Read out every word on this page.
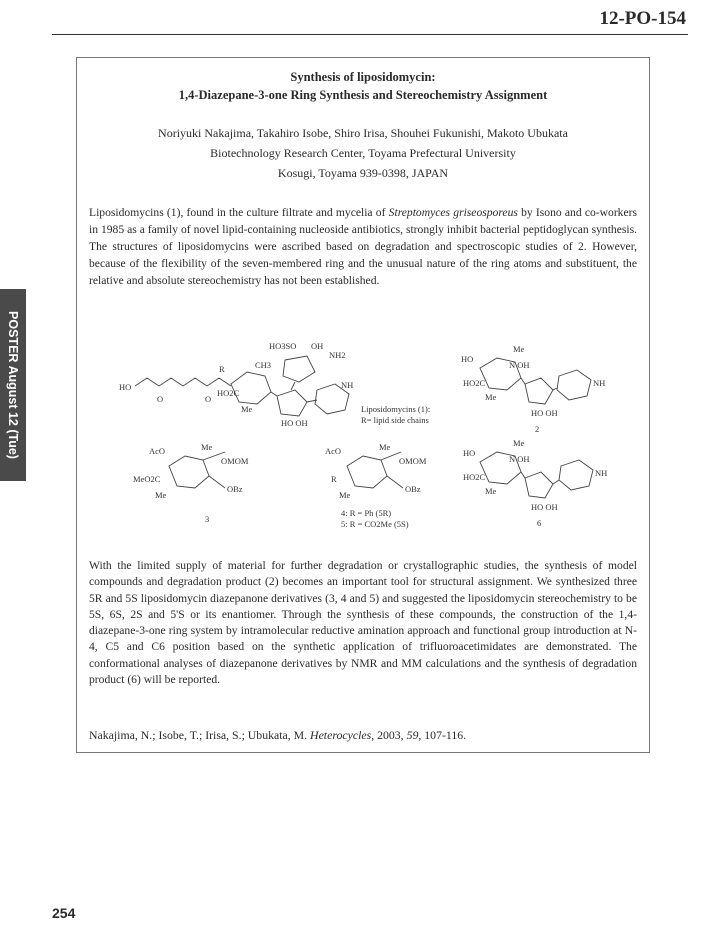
12-PO-154
POSTER August 12 (Tue)
Synthesis of liposidomycin:
1,4-Diazepane-3-one Ring Synthesis and Stereochemistry Assignment
Noriyuki Nakajima, Takahiro Isobe, Shiro Irisa, Shouhei Fukunishi, Makoto Ubukata
Biotechnology Research Center, Toyama Prefectural University
Kosugi, Toyama 939-0398, JAPAN
Liposidomycins (1), found in the culture filtrate and mycelia of Streptomyces griseosporeus by Isono and co-workers in 1985 as a family of novel lipid-containing nucleoside antibiotics, strongly inhibit bacterial peptidoglycan synthesis. The structures of liposidomycins were ascribed based on degradation and spectroscopic studies of 2. However, because of the flexibility of the seven-membered ring and the unusual nature of the ring atoms and substituent, the relative and absolute stereochemistry has not been established.
HO3SO OH
NH2
CH3
R
HO
O	O
HO2C
Me
HO OH
NH
Liposidomycins (1):
R= lipid side chains
HO
Me
N OH
HO2C
Me
HO OH
NH
2
AcO	Me
OMOM
MeO2C
Me
OBz
3
AcO	Me
OMOM
R
Me
OBz
4: R = Ph (5R)
5: R = CO2Me (5S)
HO
Me
N OH
HO2C
Me
HO OH
NH
6
With the limited supply of material for further degradation or crystallographic studies, the synthesis of model compounds and degradation product (2) becomes an important tool for structural assignment. We synthesized three 5R and 5S liposidomycin diazepanone derivatives (3, 4 and 5) and suggested the liposidomycin stereochemistry to be 5S, 6S, 2S and 5'S or its enantiomer. Through the synthesis of these compounds, the construction of the 1,4-diazepane-3-one ring system by intramolecular reductive amination approach and functional group introduction at N-4, C5 and C6 position based on the synthetic application of trifluoroacetimidates are demonstrated. The conformational analyses of diazepanone derivatives by NMR and MM calculations and the synthesis of degradation product (6) will be reported.
Nakajima, N.; Isobe, T.; Irisa, S.; Ubukata, M. Heterocycles, 2003, 59, 107-116.
254
